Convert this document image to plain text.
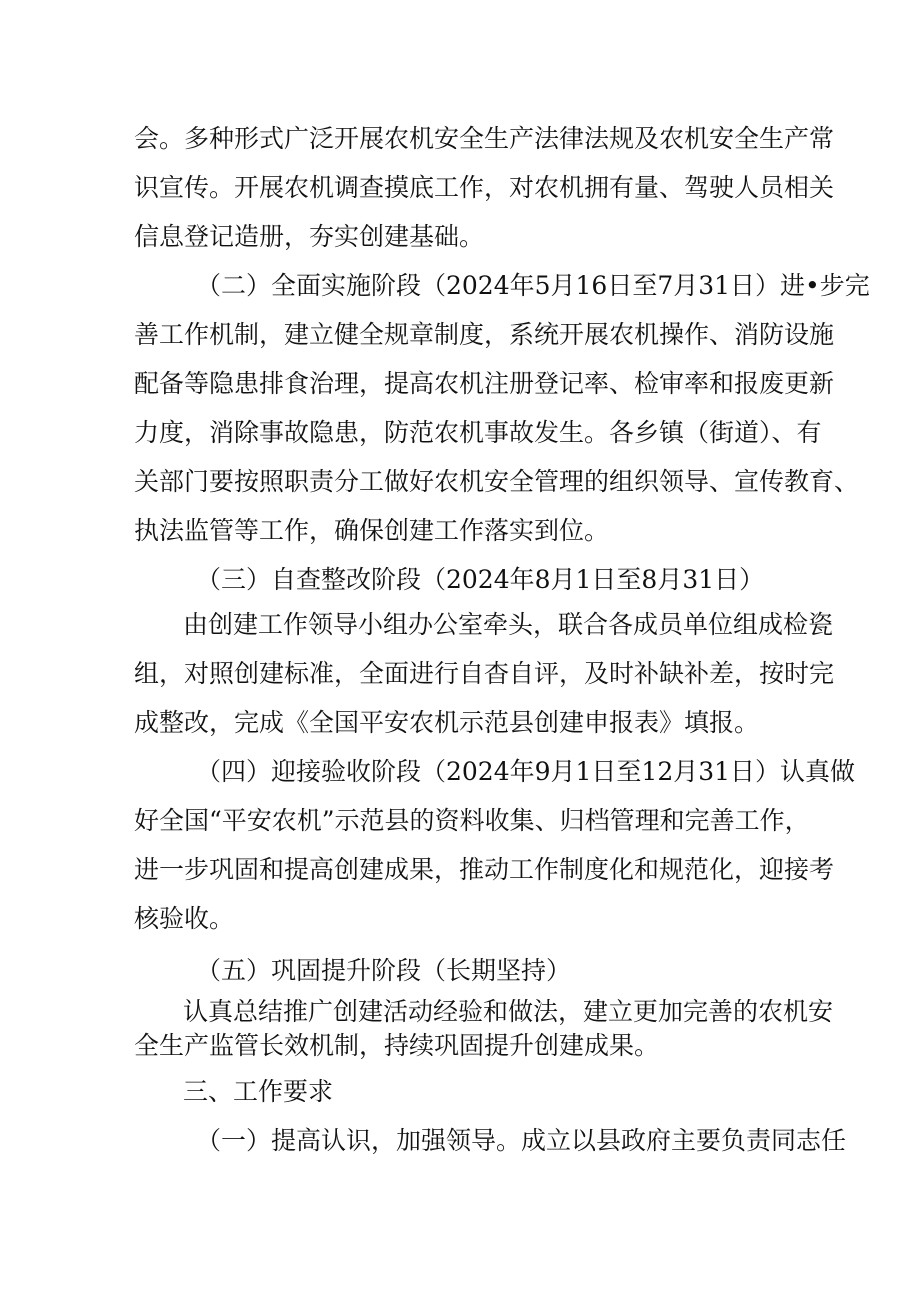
会。多种形式广泛开展农机安全生产法律法规及农机安全生产常
识宣传。开展农机调查摸底工作，对农机拥有量、驾驶人员相关
信息登记造册，夯实创建基础。
（二）全面实施阶段（2024年5月16日至7月31日）进•步完
善工作机制，建立健全规章制度，系统开展农机操作、消防设施
配备等隐患排食治理，提高农机注册登记率、检审率和报废更新
力度，消除事故隐患，防范农机事故发生。各乡镇（街道）、有
关部门要按照职责分工做好农机安全管理的组织领导、宣传教育、
执法监管等工作，确保创建工作落实到位。
（三）自查整改阶段（2024年8月1日至8月31日）
由创建工作领导小组办公室牵头，联合各成员单位组成检瓷
组，对照创建标准，全面进行自杳自评，及时补缺补差，按时完
成整改，完成《全国平安农机示范县创建申报表》填报。
（四）迎接验收阶段（2024年9月1日至12月31日）认真做
好全国“平安农机”示范县的资料收集、归档管理和完善工作，
进一步巩固和提高创建成果，推动工作制度化和规范化，迎接考
核验收。
（五）巩固提升阶段（长期坚持）
认真总结推广创建活动经验和做法，建立更加完善的农机安
全生产监管长效机制，持续巩固提升创建成果。
三、工作要求
（一）提高认识，加强领导。成立以县政府主要负责同志任
